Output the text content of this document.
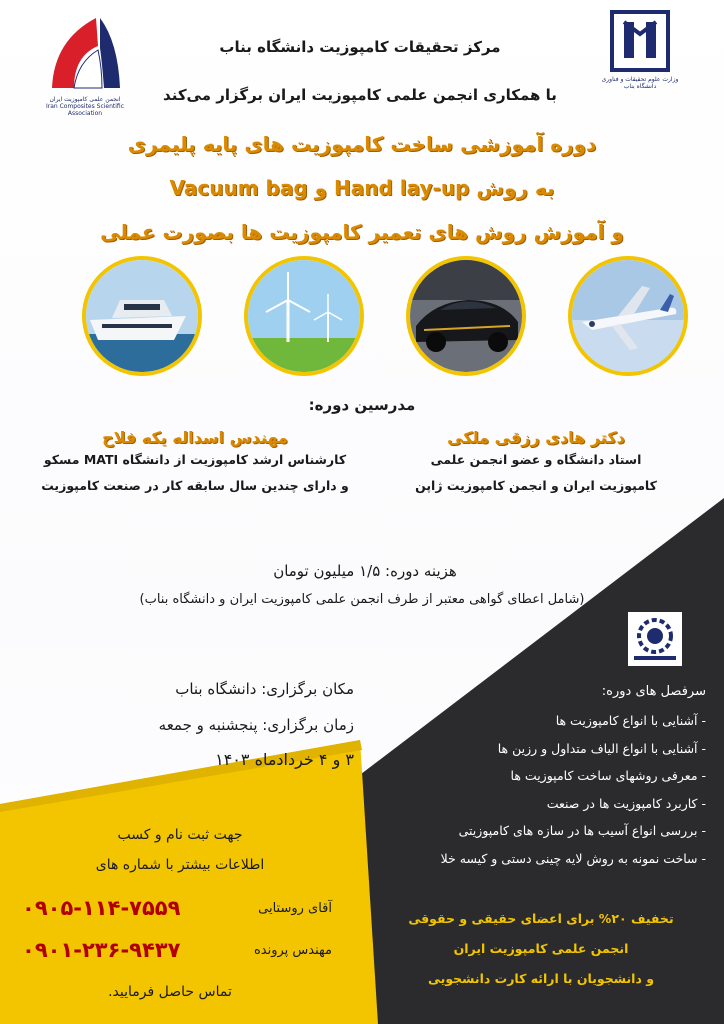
وزارت علوم تحقیقات و فناوری
دانشگاه بناب
انجمن علمی کامپوزیت ایران
Iran Composites Scientific Association
مرکز تحقیقات کامپوزیت دانشگاه بناب
با همکاری انجمن علمی کامپوزیت ایران برگزار می‌کند
دوره آموزشی ساخت کامپوزیت های پایه پلیمری
به روش Hand lay-up و Vacuum bag
و آموزش روش های تعمیر کامپوزیت ها بصورت عملی
مدرسین دوره:
دکتر هادی رزقی ملکی
استاد دانشگاه و عضو انجمن علمی
کامپوزیت ایران و انجمن کامپوزیت ژاپن
مهندس اسداله یکه فلاح
کارشناس ارشد کامپوزیت از دانشگاه MATI مسکو
و دارای چندین سال سابقه کار در صنعت کامپوزیت
هزینه دوره: ۱/۵ میلیون تومان
(شامل اعطای گواهی معتبر از طرف انجمن علمی کامپوزیت ایران و دانشگاه بناب)
مکان برگزاری: دانشگاه بناب
زمان برگزاری: پنجشنبه و جمعه
۳ و ۴ خردادماه ۱۴۰۳
سرفصل های دوره:
- آشنایی با انواع کامپوزیت ها
- آشنایی با انواع الیاف متداول و رزین ها
- معرفی روشهای ساخت کامپوزیت ها
- کاربرد کامپوزیت ها در صنعت
- بررسی انواع آسیب ها در سازه های کامپوزیتی
- ساخت نمونه به روش لایه چینی دستی و کیسه خلا
تخفیف ۲۰% برای اعضای حقیقی و حقوقی
انجمن علمی کامپوزیت ایران
و دانشجویان با ارائه کارت دانشجویی
جهت ثبت نام و کسب
اطلاعات بیشتر با شماره های
۰۹۰۵-۱۱۴-۷۵۵۹	آقای روستایی
۰۹۰۱-۲۳۶-۹۴۳۷	مهندس پرونده
تماس حاصل فرمایید.
